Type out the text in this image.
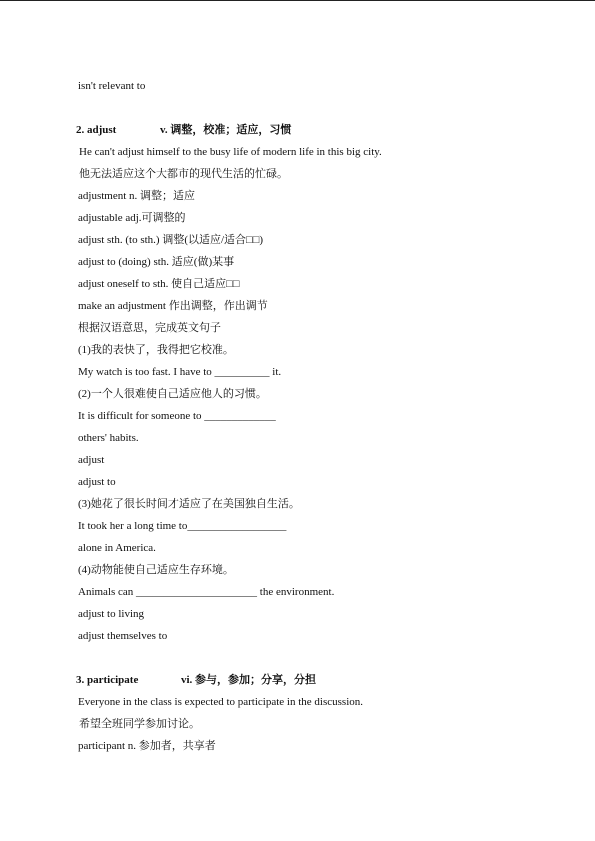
isn't relevant to
2. adjust	v. 调整，校准；适应，习惯
He can't adjust himself to the busy life of modern life in this big city.
他无法适应这个大都市的现代生活的忙碌。
adjustment n. 调整；适应
adjustable adj.可调整的
adjust sth. (to sth.) 调整(以适应/适合□□)
adjust to (doing) sth. 适应(做)某事
adjust oneself to sth. 使自己适应□□
make an adjustment 作出调整，作出调节
根据汉语意思，完成英文句子
(1)我的表快了，我得把它校准。
My watch is too fast. I have to __________ it.
(2)一个人很难使自己适应他人的习惯。
It is difficult for someone to _____________
others' habits.
adjust
adjust to
(3)她花了很长时间才适应了在美国独自生活。
It took her a long time to__________________
alone in America.
(4)动物能使自己适应生存环境。
Animals can ______________________ the environment.
adjust to living
adjust themselves to
3. participate	vi. 参与，参加；分享，分担
Everyone in the class is expected to participate in the discussion.
希望全班同学参加讨论。
participant n. 参加者，共享者
